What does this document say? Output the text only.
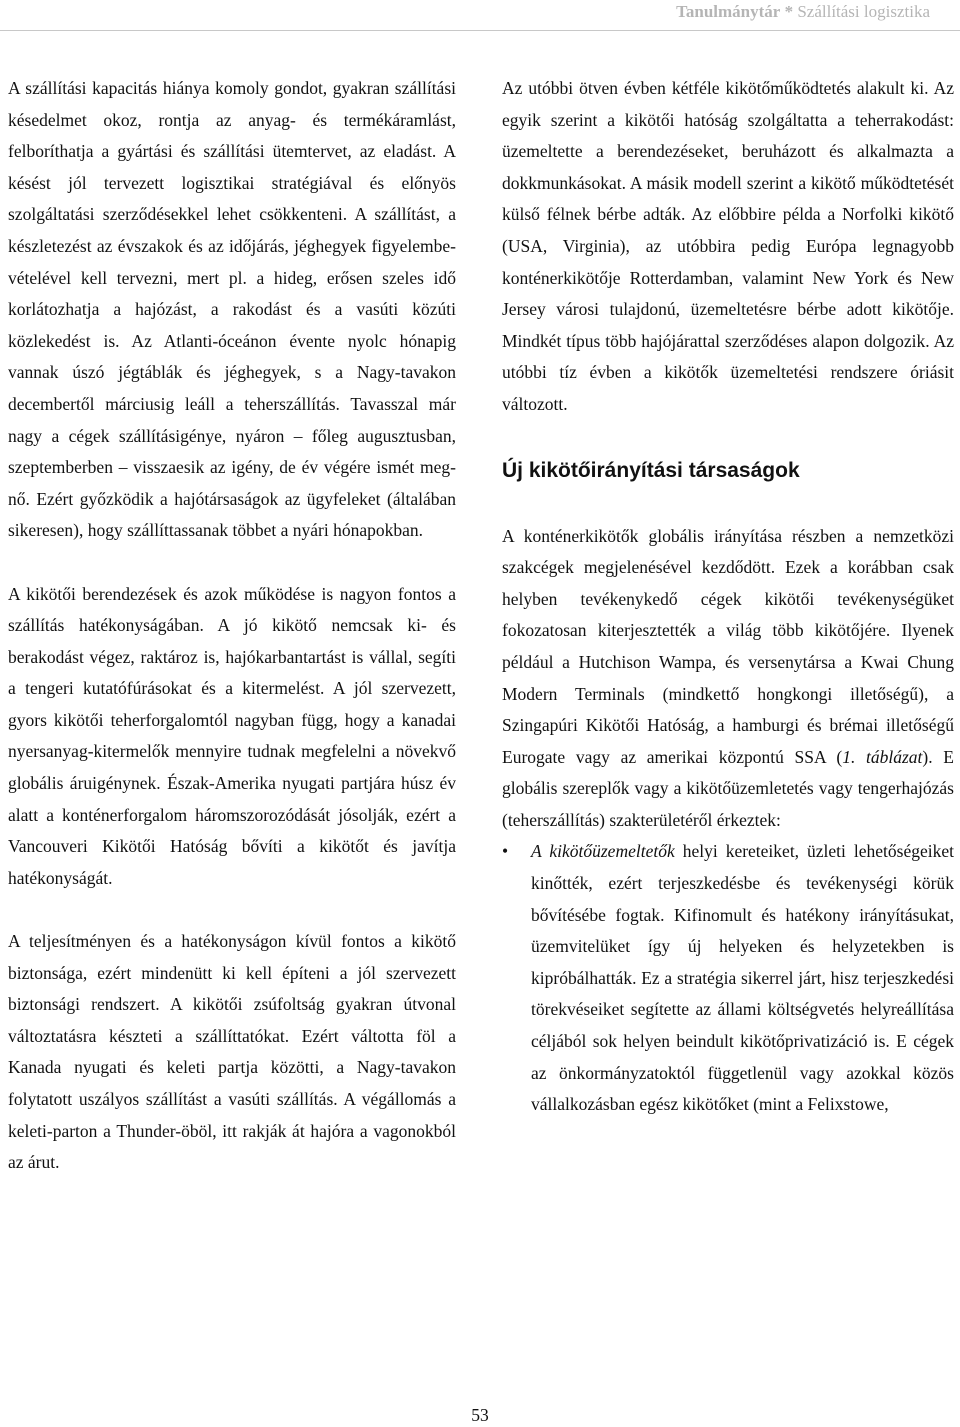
Tanulmánytár * Szállítási logisztika

A szállítási kapacitás hiánya komoly gondot, gyakran szállítási késedelmet okoz, rontja az anyag- és termékáramlást, felboríthatja a gyártási és szállítási ütemtervet, az eladást. A késést jól tervezett logisztikai stratégiával és előnyös szolgáltatási szerződésekkel lehet csökkenteni. A szállítást, a készletezést az évszakok és az időjárás, jéghegyek figyelembevételével kell tervezni, mert pl. a hideg, erősen szeles idő korlátozhatja a hajózást, a rakodást és a vasúti közúti közlekedést is. Az Atlanti-óceánon évente nyolc hónapig vannak úszó jégtáblák és jéghegyek, s a Nagy-tavakon decembertől márciusig leáll a teherszállítás. Tavasszal már nagy a cégek szállításigénye, nyáron – főleg augusztusban, szeptemberben – visszaesik az igény, de év végére ismét megnő. Ezért győzködik a hajótársaságok az ügyfeleket (általában sikeresen), hogy szállíttassanak többet a nyári hónapokban.

A kikötői berendezések és azok működése is nagyon fontos a szállítás hatékonyságában. A jó kikötő nemcsak ki- és berakodást végez, raktároz is, hajókarbantartást is vállal, segíti a tengeri kutatófúrásokat és a kitermelést. A jól szervezett, gyors kikötői teherforgalomtól nagyban függ, hogy a kanadai nyersanyag-kitermelők mennyire tudnak megfelelni a növekvő globális áruigénynek. Észak-Amerika nyugati partjára húsz év alatt a konténerforgalom háromszorozódását jósolják, ezért a Vancouveri Kikötői Hatóság bővíti a kikötőt és javítja hatékonyságát.

A teljesítményen és a hatékonyságon kívül fontos a kikötő biztonsága, ezért mindenütt ki kell építeni a jól szervezett biztonsági rendszert. A kikötői zsúfoltság gyakran útvonal változtatásra készteti a szállíttatókat. Ezért váltotta föl a Kanada nyugati és keleti partja közötti, a Nagy-tavakon folytatott uszályos szállítást a vasúti szállítás. A végállomás a keleti-parton a Thunder-öböl, itt rakják át hajóra a vagonokból az árut.

Az utóbbi ötven évben kétféle kikötőműködtetés alakult ki. Az egyik szerint a kikötői hatóság szolgáltatta a teherrakodást: üzemeltette a berendezéseket, beruházott és alkalmazta a dokkmunkásokat. A másik modell szerint a kikötő működtetését külső félnek bérbe adták. Az előbbire példa a Norfolki kikötő (USA, Virginia), az utóbbira pedig Európa legnagyobb konténerkikötője Rotterdamban, valamint New York és New Jersey városi tulajdonú, üzemeltetésre bérbe adott kikötője. Mindkét típus több hajójárattal szerződéses alapon dolgozik. Az utóbbi tíz évben a kikötők üzemeltetési rendszere óriásit változott.

Új kikötőirányítási társaságok

A konténerkikötők globális irányítása részben a nemzetközi szakcégek megjelenésével kezdődött. Ezek a korábban csak helyben tevékenykedő cégek kikötői tevékenységüket fokozatosan kiterjesztették a világ több kikötőjére. Ilyenek például a Hutchison Wampa, és versenytársa a Kwai Chung Modern Terminals (mindkettő hongkongi illetőségű), a Szingapúri Kikötői Hatóság, a hamburgi és brémai illetőségű Eurogate vagy az amerikai központú SSA (1. táblázat). E globális szereplők vagy a kikötőüzemletetés vagy tengerhajózás (teherszállítás) szakterületéről érkeztek:

• A kikötőüzemeltetők helyi kereteiket, üzleti lehetőségeiket kinőtték, ezért terjeszkedésbe és tevékenységi körük bővítésébe fogtak. Kifinomult és hatékony irányításukat, üzemvitelüket így új helyeken és helyzetekben is kipróbálhatták. Ez a stratégia sikerrel járt, hisz terjeszkedési törekvéseiket segítette az állami költségvetés helyreállítása céljából sok helyen beindult kikötőprivatizáció is. E cégek az önkormányzatoktól függetlenül vagy azokkal közös vállalkozásban egész kikötőket (mint a Felixstowe,
53
